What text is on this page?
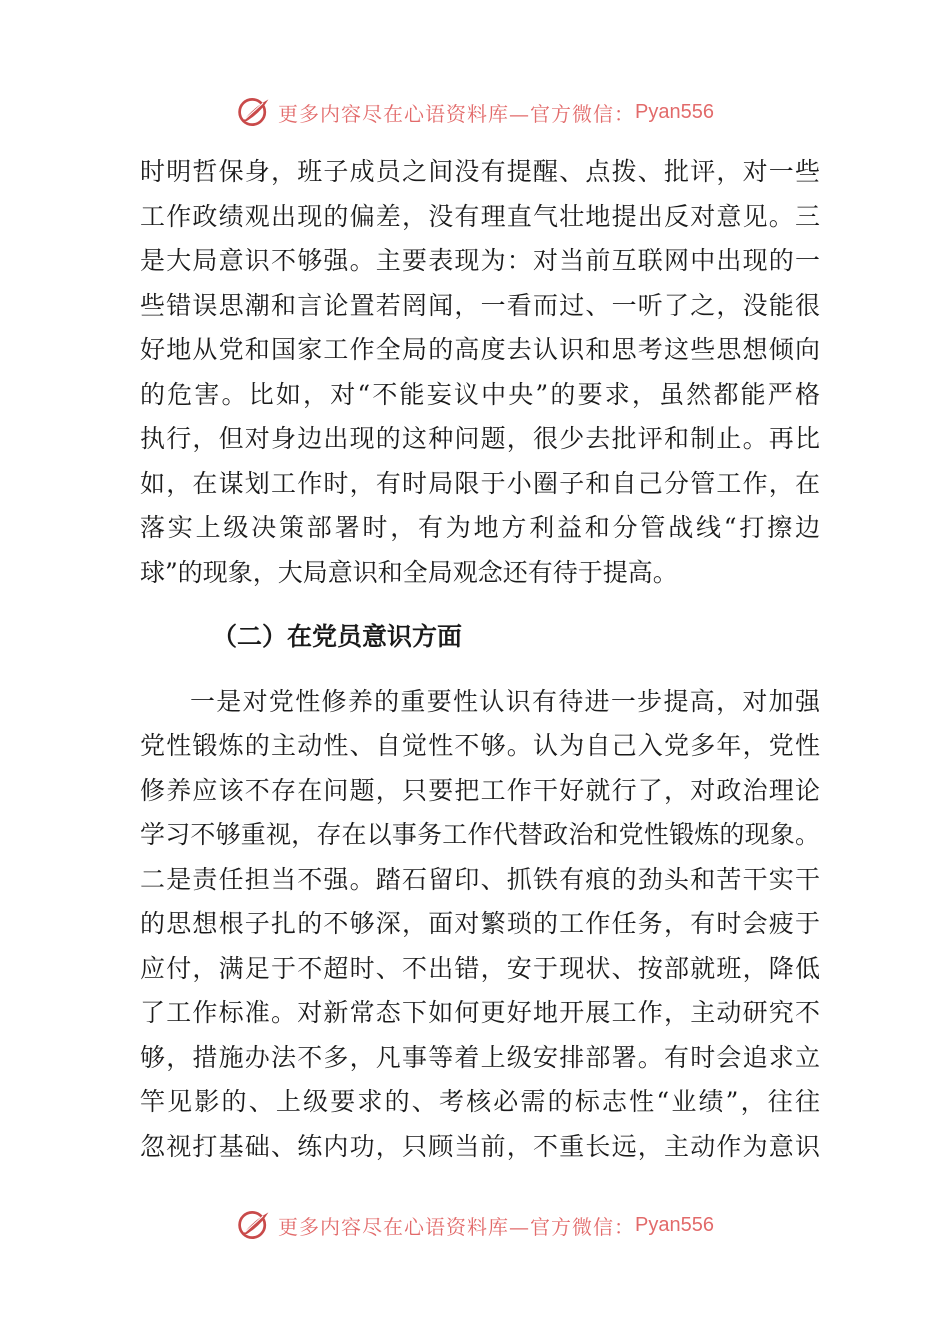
更多内容尽在心语资料库—官方微信： Pyan556
时明哲保身，班子成员之间没有提醒、点拨、批评，对一些
工作政绩观出现的偏差，没有理直气壮地提出反对意见。三
是大局意识不够强。主要表现为：对当前互联网中出现的一
些错误思潮和言论置若罔闻，一看而过、一听了之，没能很
好地从党和国家工作全局的高度去认识和思考这些思想倾向
的危害。比如，对“不能妄议中央”的要求，虽然都能严格
执行，但对身边出现的这种问题，很少去批评和制止。再比
如，在谋划工作时，有时局限于小圈子和自己分管工作，在
落实上级决策部署时，有为地方利益和分管战线“打擦边
球”的现象，大局意识和全局观念还有待于提高。
（二）在党员意识方面
一是对党性修养的重要性认识有待进一步提高，对加强
党性锻炼的主动性、自觉性不够。认为自己入党多年，党性
修养应该不存在问题，只要把工作干好就行了，对政治理论
学习不够重视，存在以事务工作代替政治和党性锻炼的现象。
二是责任担当不强。踏石留印、抓铁有痕的劲头和苦干实干
的思想根子扎的不够深，面对繁琐的工作任务，有时会疲于
应付，满足于不超时、不出错，安于现状、按部就班，降低
了工作标准。对新常态下如何更好地开展工作，主动研究不
够，措施办法不多，凡事等着上级安排部署。有时会追求立
竿见影的、上级要求的、考核必需的标志性“业绩”，往往
忽视打基础、练内功，只顾当前，不重长远，主动作为意识
更多内容尽在心语资料库—官方微信： Pyan556
